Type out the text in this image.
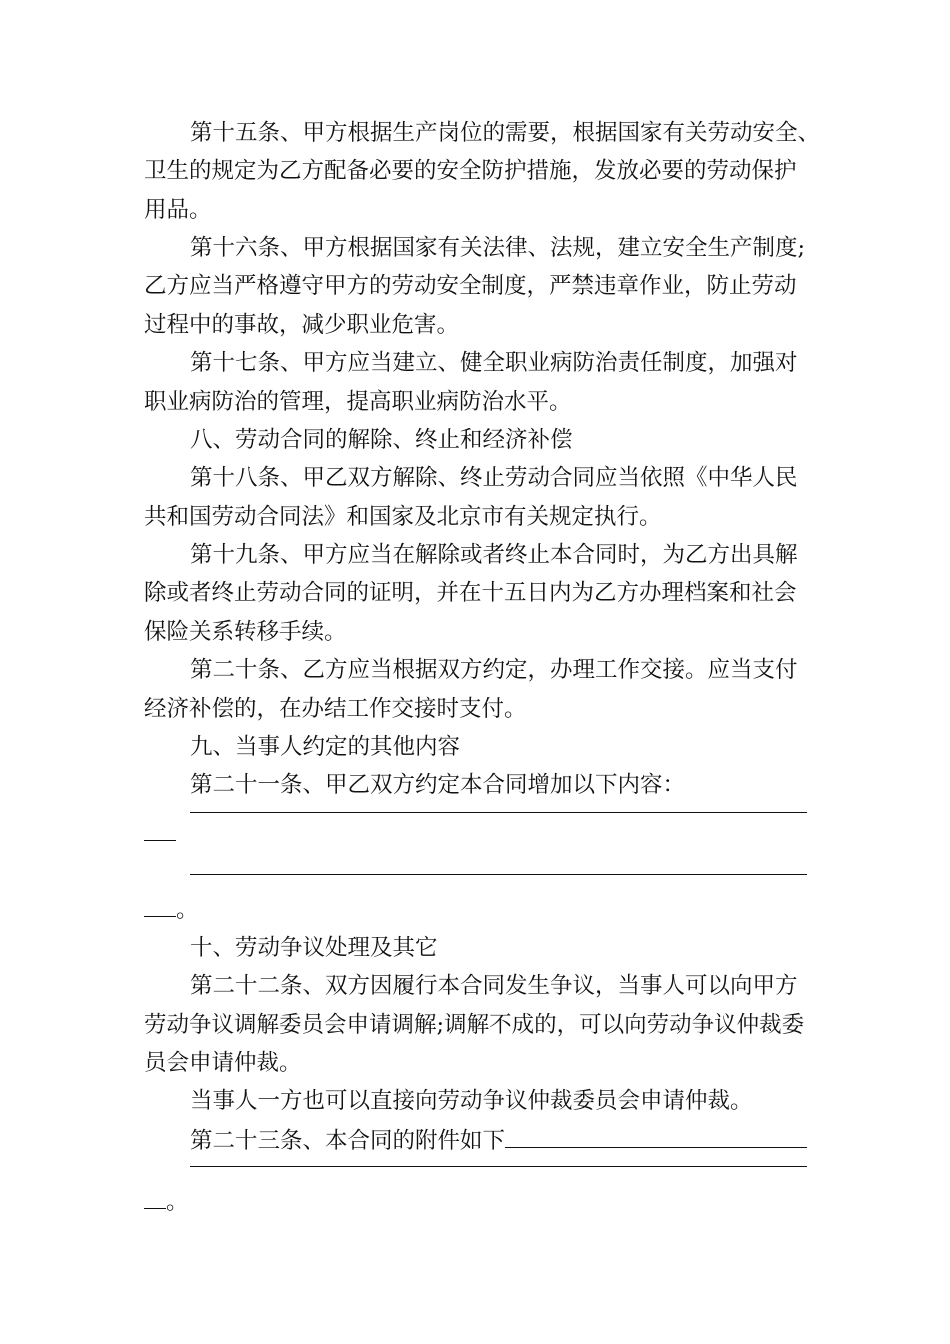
第十五条、甲方根据生产岗位的需要，根据国家有关劳动安全、
卫生的规定为乙方配备必要的安全防护措施，发放必要的劳动保护
用品。
第十六条、甲方根据国家有关法律、法规，建立安全生产制度;
乙方应当严格遵守甲方的劳动安全制度，严禁违章作业，防止劳动
过程中的事故，减少职业危害。
第十七条、甲方应当建立、健全职业病防治责任制度，加强对
职业病防治的管理，提高职业病防治水平。
八、劳动合同的解除、终止和经济补偿
第十八条、甲乙双方解除、终止劳动合同应当依照《中华人民
共和国劳动合同法》和国家及北京市有关规定执行。
第十九条、甲方应当在解除或者终止本合同时，为乙方出具解
除或者终止劳动合同的证明，并在十五日内为乙方办理档案和社会
保险关系转移手续。
第二十条、乙方应当根据双方约定，办理工作交接。应当支付
经济补偿的，在办结工作交接时支付。
九、当事人约定的其他内容
第二十一条、甲乙双方约定本合同增加以下内容：
。
十、劳动争议处理及其它
第二十二条、双方因履行本合同发生争议，当事人可以向甲方
劳动争议调解委员会申请调解;调解不成的，可以向劳动争议仲裁委
员会申请仲裁。
当事人一方也可以直接向劳动争议仲裁委员会申请仲裁。
第二十三条、本合同的附件如下
。
